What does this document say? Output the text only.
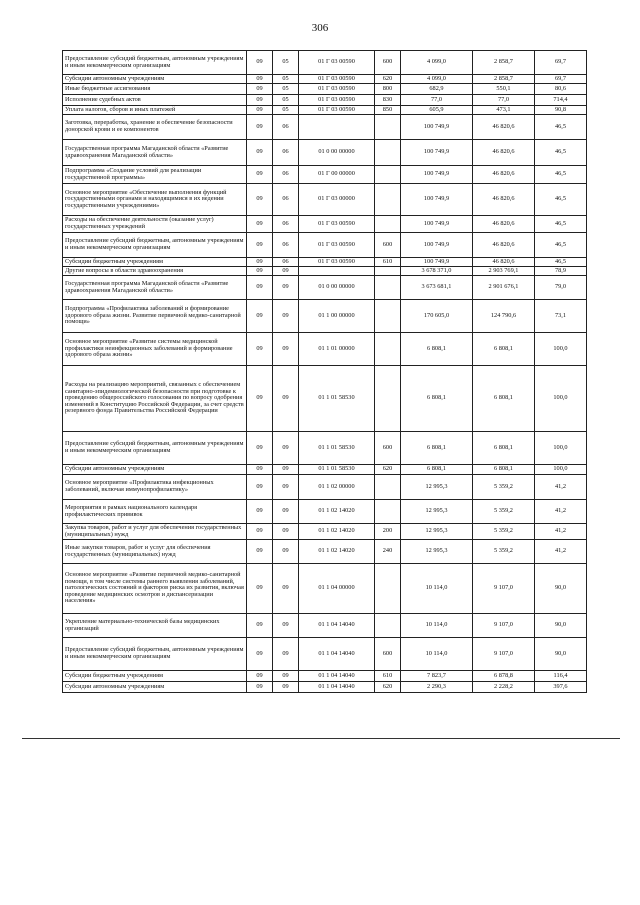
306
Предоставление субсидий бюджетным, автономным учреждениям и иным некоммерческим организациям	09	05	01 Г 03 00590	600	4 099,0	2 858,7	69,7
Субсидии автономным учреждениям	09	05	01 Г 03 00590	620	4 099,0	2 858,7	69,7
Иные бюджетные ассигнования	09	05	01 Г 03 00590	800	682,9	550,1	80,6
Исполнение судебных актов	09	05	01 Г 03 00590	830	77,0	77,0	714,4
Уплата налогов, сборов и иных платежей	09	05	01 Г 03 00590	850	605,9	473,1	90,8
Заготовка, переработка, хранение и обеспечение безопасности донорской крови и ее компонентов	09	06			100 749,9	46 820,6	46,5
Государственная программа Магаданской области «Развитие здравоохранения Магаданской области»	09	06	01 0 00 00000		100 749,9	46 820,6	46,5
Подпрограмма «Создание условий для реализации государственной программы»	09	06	01 Г 00 00000		100 749,9	46 820,6	46,5
Основное мероприятие «Обеспечение выполнения функций государственными органами и находящимися в их ведении государственными учреждениями»	09	06	01 Г 03 00000		100 749,9	46 820,6	46,5
Расходы на обеспечение деятельности (оказание услуг) государственных учреждений	09	06	01 Г 03 00590		100 749,9	46 820,6	46,5
Предоставление субсидий бюджетным, автономным учреждениям и иным некоммерческим организациям	09	06	01 Г 03 00590	600	100 749,9	46 820,6	46,5
Субсидии бюджетным учреждениям	09	06	01 Г 03 00590	610	100 749,9	46 820,6	46,5
Другие вопросы в области здравоохранения	09	09			3 678 371,0	2 903 769,1	78,9
Государственная программа Магаданской области «Развитие здравоохранения Магаданской области»	09	09	01 0 00 00000		3 673 681,1	2 901 676,1	79,0
Подпрограмма «Профилактика заболеваний и формирование здорового образа жизни. Развитие первичной медико-санитарной помощи»	09	09	01 1 00 00000		170 605,0	124 790,6	73,1
Основное мероприятие «Развитие системы медицинской профилактики неинфекционных заболеваний и формирование здорового образа жизни»	09	09	01 1 01 00000		6 808,1	6 808,1	100,0
Расходы на реализацию мероприятий, связанных с обеспечением санитарно-эпидемиологической безопасности при подготовке к проведению общероссийского голосования по вопросу одобрения изменений в Конституцию Российской Федерации, за счет средств резервного фонда Правительства Российской Федерации	09	09	01 1 01 58530		6 808,1	6 808,1	100,0
Предоставление субсидий бюджетным, автономным учреждениям и иным некоммерческим организациям	09	09	01 1 01 58530	600	6 808,1	6 808,1	100,0
Субсидии автономным учреждениям	09	09	01 1 01 58530	620	6 808,1	6 808,1	100,0
Основное мероприятие «Профилактика инфекционных заболеваний, включая иммунопрофилактику»	09	09	01 1 02 00000		12 995,3	5 359,2	41,2
Мероприятия в рамках национального календаря профилактических прививок	09	09	01 1 02 14020		12 995,3	5 359,2	41,2
Закупка товаров, работ и услуг для обеспечения государственных (муниципальных) нужд	09	09	01 1 02 14020	200	12 995,3	5 359,2	41,2
Иные закупки товаров, работ и услуг для обеспечения государственных (муниципальных) нужд	09	09	01 1 02 14020	240	12 995,3	5 359,2	41,2
Основное мероприятие «Развитие первичной медико-санитарной помощи, в том числе системы раннего выявления заболеваний, патологических состояний и факторов риска их развития, включая проведение медицинских осмотров и диспансеризации населения»	09	09	01 1 04 00000		10 114,0	9 107,0	90,0
Укрепление материально-технической базы медицинских организаций	09	09	01 1 04 14040		10 114,0	9 107,0	90,0
Предоставление субсидий бюджетным, автономным учреждениям и иным некоммерческим организациям	09	09	01 1 04 14040	600	10 114,0	9 107,0	90,0
Субсидии бюджетным учреждениям	09	09	01 1 04 14040	610	7 823,7	6 878,8	116,4
Субсидии автономным учреждениям	09	09	01 1 04 14040	620	2 290,3	2 228,2	397,6
